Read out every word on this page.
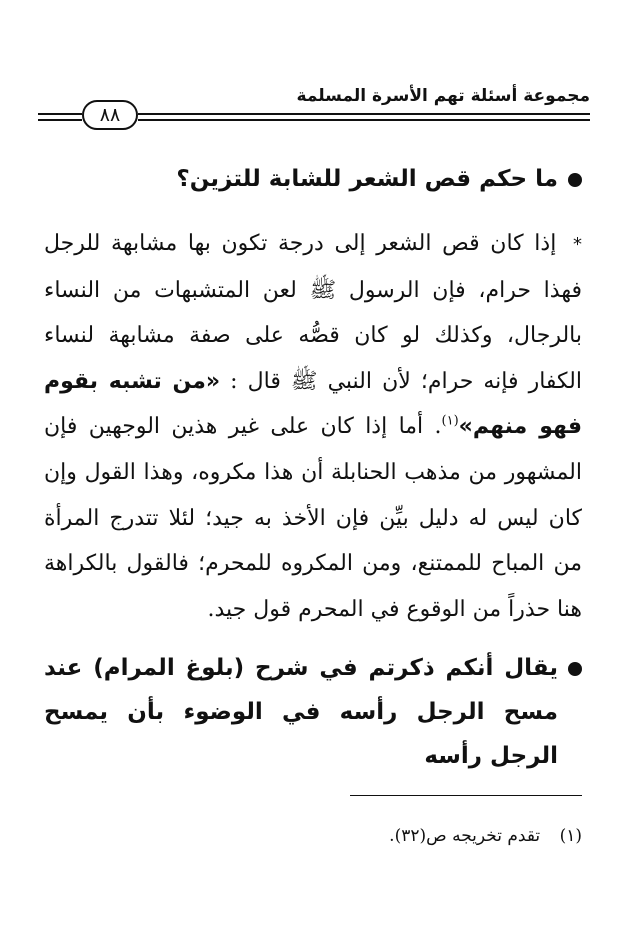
مجموعة أسئلة تهم الأسرة المسلمة
٨٨
ما حكم قص الشعر للشابة للتزين؟
* إذا كان قص الشعر إلى درجة تكون بها مشابهة للرجل فهذا حرام، فإن الرسول ﷺ لعن المتشبهات من النساء بالرجال، وكذلك لو كان قصُّه على صفة مشابهة لنساء الكفار فإنه حرام؛ لأن النبي ﷺ قال : «من تشبه بقوم فهو منهم»$^{(١)}$. أما إذا كان على غير هذين الوجهين فإن المشهور من مذهب الحنابلة أن هذا مكروه، وهذا القول وإن كان ليس له دليل بيِّن فإن الأخذ به جيد؛ لئلا تتدرج المرأة من المباح للممتنع، ومن المكروه للمحرم؛ فالقول بالكراهة هنا حذراً من الوقوع في المحرم قول جيد.
يقال أنكم ذكرتم في شرح (بلوغ المرام) عند مسح الرجل رأسه في الوضوء بأن يمسح الرجل رأسه
(١) تقدم تخريجه ص(٣٢).
